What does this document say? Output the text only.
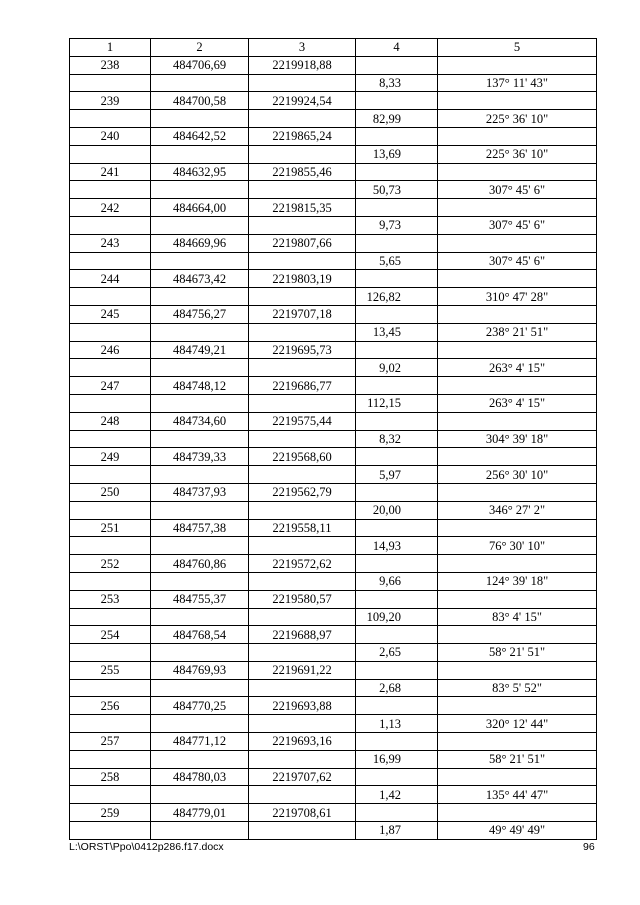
1	2	3	4	5
238	484706,69	2219918,88		
			8,33	137° 11' 43"
239	484700,58	2219924,54		
			82,99	225° 36' 10"
240	484642,52	2219865,24		
			13,69	225° 36' 10"
241	484632,95	2219855,46		
			50,73	307° 45' 6"
242	484664,00	2219815,35		
			9,73	307° 45' 6"
243	484669,96	2219807,66		
			5,65	307° 45' 6"
244	484673,42	2219803,19		
			126,82	310° 47' 28"
245	484756,27	2219707,18		
			13,45	238° 21' 51"
246	484749,21	2219695,73		
			9,02	263° 4' 15"
247	484748,12	2219686,77		
			112,15	263° 4' 15"
248	484734,60	2219575,44		
			8,32	304° 39' 18"
249	484739,33	2219568,60		
			5,97	256° 30' 10"
250	484737,93	2219562,79		
			20,00	346° 27' 2"
251	484757,38	2219558,11		
			14,93	76° 30' 10"
252	484760,86	2219572,62		
			9,66	124° 39' 18"
253	484755,37	2219580,57		
			109,20	83° 4' 15"
254	484768,54	2219688,97		
			2,65	58° 21' 51"
255	484769,93	2219691,22		
			2,68	83° 5' 52"
256	484770,25	2219693,88		
			1,13	320° 12' 44"
257	484771,12	2219693,16		
			16,99	58° 21' 51"
258	484780,03	2219707,62		
			1,42	135° 44' 47"
259	484779,01	2219708,61		
			1,87	49° 49' 49"
L:\ORST\Ppo\0412p286.f17.docx	96
